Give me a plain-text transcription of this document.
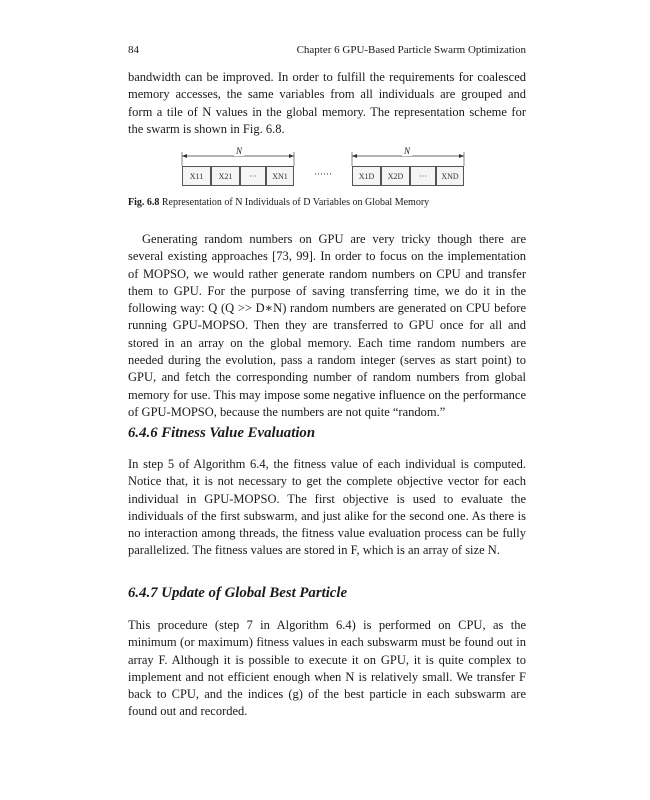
84	Chapter 6 GPU-Based Particle Swarm Optimization
bandwidth can be improved. In order to fulfill the requirements for coalesced memory accesses, the same variables from all individuals are grouped and form a tile of N values in the global memory. The representation scheme for the swarm is shown in Fig. 6.8.
N	N
X11	X21	···	XN1	······	X1D	X2D	···	XND
Fig. 6.8 Representation of N Individuals of D Variables on Global Memory
Generating random numbers on GPU are very tricky though there are several existing approaches [73, 99]. In order to focus on the implementation of MOPSO, we would rather generate random numbers on CPU and transfer them to GPU. For the purpose of saving transferring time, we do it in the following way: Q (Q >> D∗N) random numbers are generated on CPU before running GPU-MOPSO. Then they are transferred to GPU once for all and stored in an array on the global memory. Each time random numbers are needed during the evolution, pass a random integer (serves as start point) to GPU, and fetch the corresponding number of random numbers from global memory for use. This may impose some negative influence on the performance of GPU-MOPSO, because the numbers are not quite “random.”
6.4.6 Fitness Value Evaluation
In step 5 of Algorithm 6.4, the fitness value of each individual is computed. Notice that, it is not necessary to get the complete objective vector for each individual in GPU-MOPSO. The first objective is used to evaluate the individuals of the first subswarm, and just alike for the second one. As there is no interaction among threads, the fitness value evaluation process can be fully parallelized. The fitness values are stored in F, which is an array of size N.
6.4.7 Update of Global Best Particle
This procedure (step 7 in Algorithm 6.4) is performed on CPU, as the minimum (or maximum) fitness values in each subswarm must be found out in array F. Although it is possible to execute it on GPU, it is quite complex to implement and not efficient enough when N is relatively small. We transfer F back to CPU, and the indices (g) of the best particle in each subswarm are found out and recorded.
